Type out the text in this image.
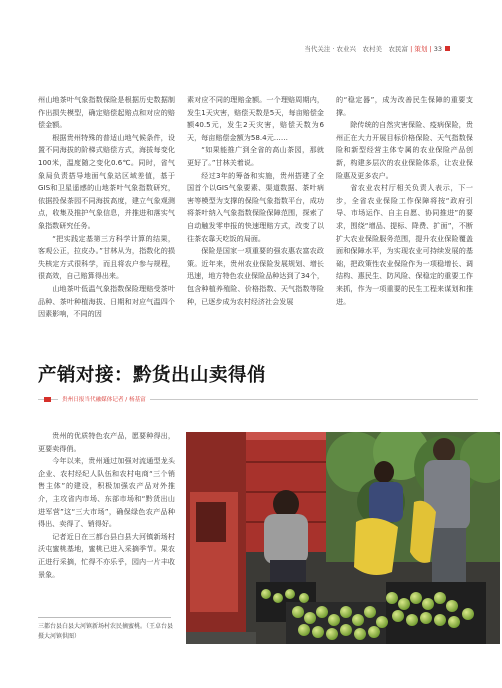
当代关注 · 农业兴　农村美　农民富 | 策划 | 33

州山地茶叶气象指数保险是根据历史数据制作出损失模型，确定赔偿起赔点和对应的赔偿金额。

根据贵州特殊的普适山地气候条件，设置不同海拔的阶梯式赔偿方式，海拔每变化100米，温度随之变化0.6℃。同时，省气象局负责搭导地面气象站区域差值，基于GIS和卫星遥感的山地茶叶气象指数研究，依据投保茶园不同海拔高度，建立气象观测点，收集及推护气象信息，并推进和落实气象指数研究任务。

“把实践定基第三方科学计算的结果，客观公正，拉皮办。”甘林从为，指数化的损失核定方式很科学，而且将农户参与规程，很高效，自己赔算得出来。

山地茶叶低温气象指数保险理赔受茶叶品种、茶叶种植海拔、日期和对应气温四个因素影响，不同的因

素对应不同的理赔金额。一个理赔周期内，发生1天灾害，赔偿天数是5天，每亩赔偿金额40.5元，发生2天灾害，赔偿天数为6天，每亩赔偿金额为58.4元……

“如果能推广到全省的高山茶园，那就更好了。”甘林关着说。

经过3年的筹备和实施，贵州搭建了全国首个以GIS气象要素、渠道数据、茶叶病害等模型为支撑的保险气象指数平台，成功将茶叶纳入气象指数保险保障范围，探索了自动触发零申报的快速理赔方式，改变了以往茶农靠天吃饭的局面。

保险是国家一项重要的强农惠农富农政策。近年来，贵州农业保险发展规划、增长迅速，地方特色农业保险品种达到了34个，包含种植养殖险、价格指数、天气指数等险种，已逐步成为农村经济社会发展

的“稳定器”，成为改善民生保障的重要支撑。

除传统的自然灾害保险、疫病保险，贵州正在大力开展目标价格保险、天气指数保险和新型经营主体专属的农业保险产品创新，构建多层次的农业保险体系，让农业保险惠及更多农户。

省农业农村厅相关负责人表示，下一步，全省农业保险工作保障将按“政府引导、市场运作、自主自愿、协同推进”的要求，围绕“增品、提标、降费、扩面”，不断扩大农业保险服务范围，提升农业保险覆盖面和保障水平，为实现农业可持续发展的基础，把政策性农业保险作为一项稳增长、调结构、惠民生、防风险、保稳定的重要工作来抓，作为一项重要的民生工程来谋划和推进。

产销对接：黔货出山卖得俏
贵州日报当代融媒体记者 / 杨基富

贵州的优质特色农产品，愿要种得出，更要卖得俏。

今年以来，贵州通过加强对流通型龙头企业、农村经纪人队伍和农村电商“三个销售主体”的建设，积极加强农产品对外推介，主攻省内市场、东部市场和“黔货出山进军营”这“三大市场”，确保绿色农产品种得出、卖得了、销得好。

记者近日在三都台县白县大河镇新场村沃屯蜜桃基地，蜜桃已进入采摘季节。果农正进行采摘，忙得不亦乐乎，园内一片丰收景象。

三都台县白县大河镇新场村农民摘蜜桃。（王卓台县摄大河镇供图）
